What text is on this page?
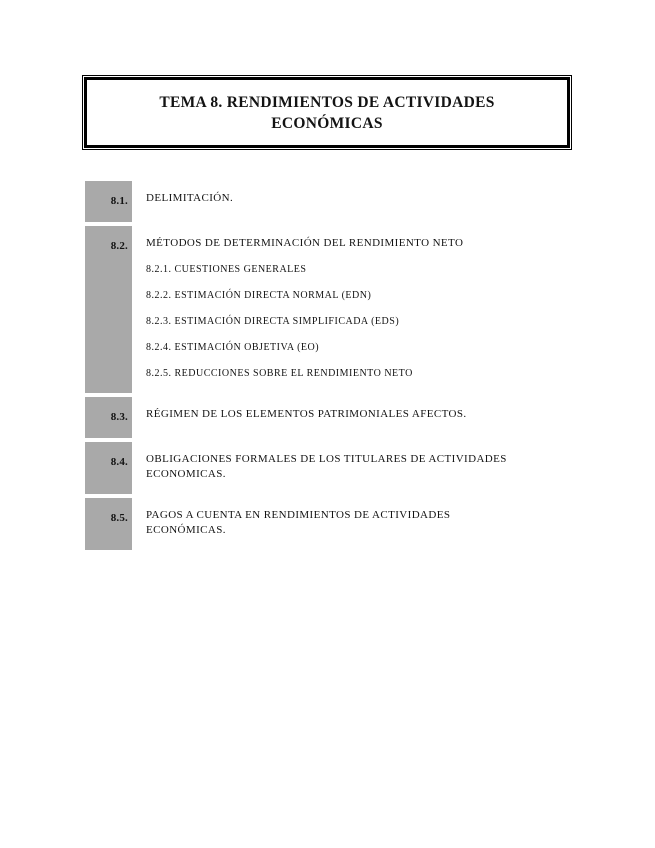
TEMA 8. RENDIMIENTOS DE ACTIVIDADES
ECONÓMICAS
8.1.	DELIMITACIÓN.
8.2.	MÉTODOS DE DETERMINACIÓN DEL RENDIMIENTO NETO
8.2.1. CUESTIONES GENERALES
8.2.2. ESTIMACIÓN DIRECTA NORMAL (EDN)
8.2.3. ESTIMACIÓN DIRECTA SIMPLIFICADA (EDS)
8.2.4. ESTIMACIÓN OBJETIVA (EO)
8.2.5. REDUCCIONES SOBRE EL RENDIMIENTO NETO
8.3.	RÉGIMEN DE LOS ELEMENTOS PATRIMONIALES AFECTOS.
8.4.	OBLIGACIONES FORMALES DE LOS TITULARES DE ACTIVIDADES
ECONOMICAS.
8.5.	PAGOS A CUENTA EN RENDIMIENTOS DE ACTIVIDADES
ECONÓMICAS.
